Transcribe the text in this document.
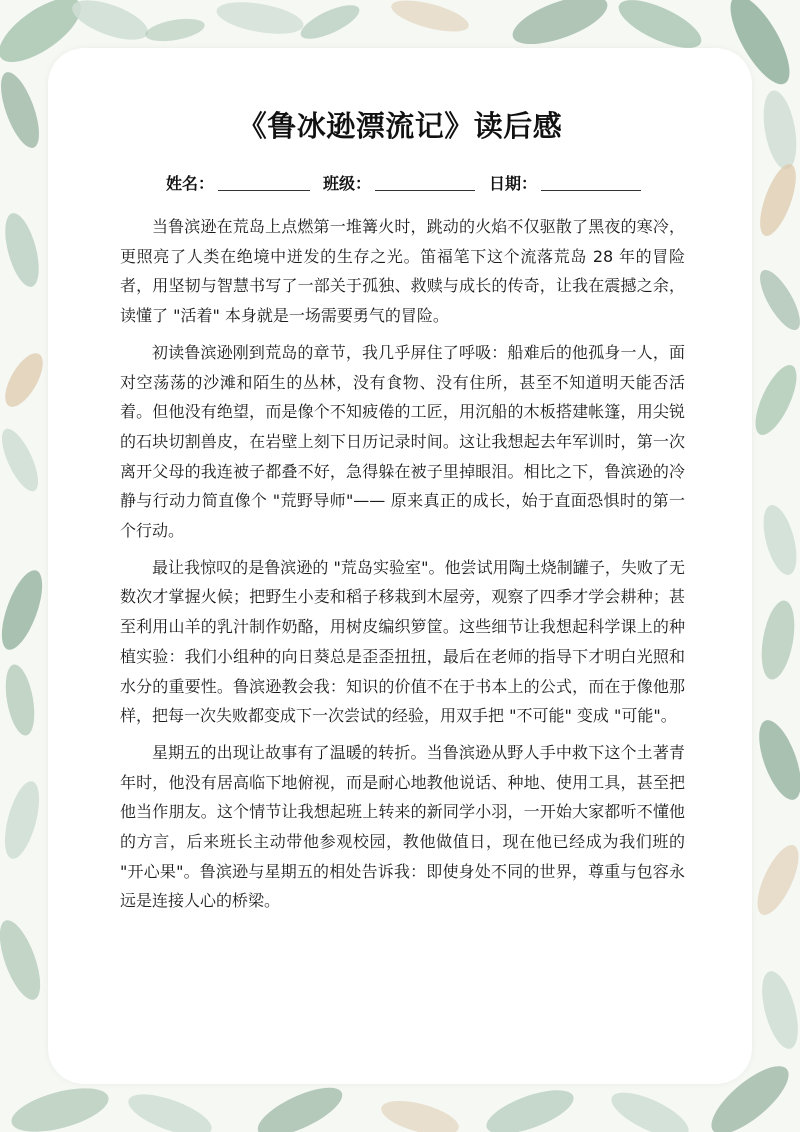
《鲁冰逊漂流记》读后感
姓名：	班级：	日期：

当鲁滨逊在荒岛上点燃第一堆篝火时，跳动的火焰不仅驱散了黑夜的寒冷，更照亮了人类在绝境中迸发的生存之光。笛福笔下这个流落荒岛 28 年的冒险者，用坚韧与智慧书写了一部关于孤独、救赎与成长的传奇，让我在震撼之余，读懂了 "活着" 本身就是一场需要勇气的冒险。

初读鲁滨逊刚到荒岛的章节，我几乎屏住了呼吸：船难后的他孤身一人，面对空荡荡的沙滩和陌生的丛林，没有食物、没有住所，甚至不知道明天能否活着。但他没有绝望，而是像个不知疲倦的工匠，用沉船的木板搭建帐篷，用尖锐的石块切割兽皮，在岩壁上刻下日历记录时间。这让我想起去年军训时，第一次离开父母的我连被子都叠不好，急得躲在被子里掉眼泪。相比之下，鲁滨逊的冷静与行动力简直像个 "荒野导师"—— 原来真正的成长，始于直面恐惧时的第一个行动。

最让我惊叹的是鲁滨逊的 "荒岛实验室"。他尝试用陶土烧制罐子，失败了无数次才掌握火候；把野生小麦和稻子移栽到木屋旁，观察了四季才学会耕种；甚至利用山羊的乳汁制作奶酪，用树皮编织箩筐。这些细节让我想起科学课上的种植实验：我们小组种的向日葵总是歪歪扭扭，最后在老师的指导下才明白光照和水分的重要性。鲁滨逊教会我：知识的价值不在于书本上的公式，而在于像他那样，把每一次失败都变成下一次尝试的经验，用双手把 "不可能" 变成 "可能"。

星期五的出现让故事有了温暖的转折。当鲁滨逊从野人手中救下这个土著青年时，他没有居高临下地俯视，而是耐心地教他说话、种地、使用工具，甚至把他当作朋友。这个情节让我想起班上转来的新同学小羽，一开始大家都听不懂他的方言，后来班长主动带他参观校园，教他做值日，现在他已经成为我们班的 "开心果"。鲁滨逊与星期五的相处告诉我：即使身处不同的世界，尊重与包容永远是连接人心的桥梁。
